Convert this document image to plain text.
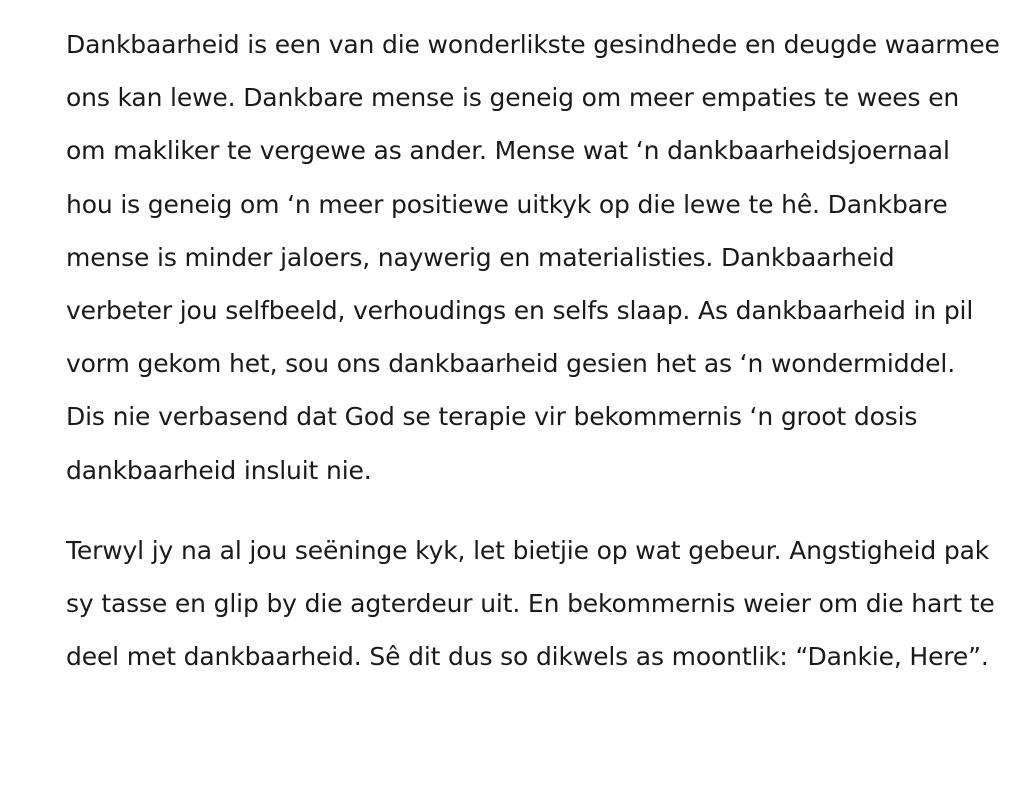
Dankbaarheid is een van die wonderlikste gesindhede en deugde waarmee ons kan lewe. Dankbare mense is geneig om meer empaties te wees en om makliker te vergewe as ander. Mense wat ‘n dankbaarheidsjoernaal hou is geneig om ‘n meer positiewe uitkyk op die lewe te hê. Dankbare mense is minder jaloers, naywerig en materialisties. Dankbaarheid verbeter jou selfbeeld, verhoudings en selfs slaap. As dankbaarheid in pil vorm gekom het, sou ons dankbaarheid gesien het as ‘n wondermiddel. Dis nie verbasend dat God se terapie vir bekommernis ‘n groot dosis dankbaarheid insluit nie.

Terwyl jy na al jou seëninge kyk, let bietjie op wat gebeur. Angstigheid pak sy tasse en glip by die agterdeur uit. En bekommernis weier om die hart te deel met dankbaarheid. Sê dit dus so dikwels as moontlik: “Dankie, Here”.
